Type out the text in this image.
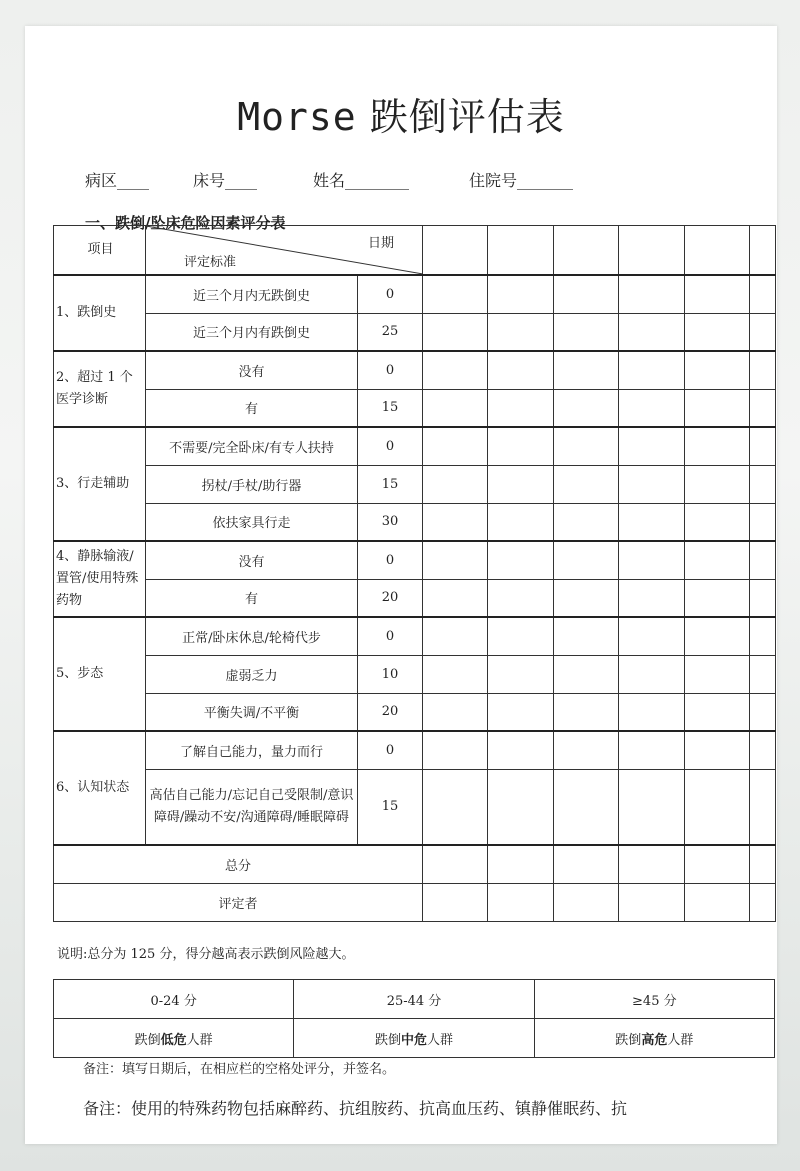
Morse 跌倒评估表
病区____	床号____	姓名________	住院号_______
一、跌倒/坠床危险因素评分表
项目	日期
评定标准							

1、跌倒史	近三个月内无跌倒史	0						
	近三个月内有跌倒史	25						
2、超过 1 个医学诊断	没有	0						
	有	15						
3、行走辅助	不需要/完全卧床/有专人扶持	0						
	拐杖/手杖/助行器	15						
	依扶家具行走	30						
4、静脉输液/置管/使用特殊药物	没有	0						
	有	20						
5、步态	正常/卧床休息/轮椅代步	0						
	虚弱乏力	10						
	平衡失调/不平衡	20						
6、认知状态	了解自己能力，量力而行	0						
	高估自己能力/忘记自己受限制/意识障碍/躁动不安/沟通障碍/睡眠障碍	15						
总分								
评定者								
说明:总分为 125 分，得分越高表示跌倒风险越大。
0-24 分	25-44 分	≥45 分
跌倒低危人群	跌倒中危人群	跌倒高危人群
备注：填写日期后，在相应栏的空格处评分，并签名。
备注：使用的特殊药物包括麻醉药、抗组胺药、抗高血压药、镇静催眠药、抗
